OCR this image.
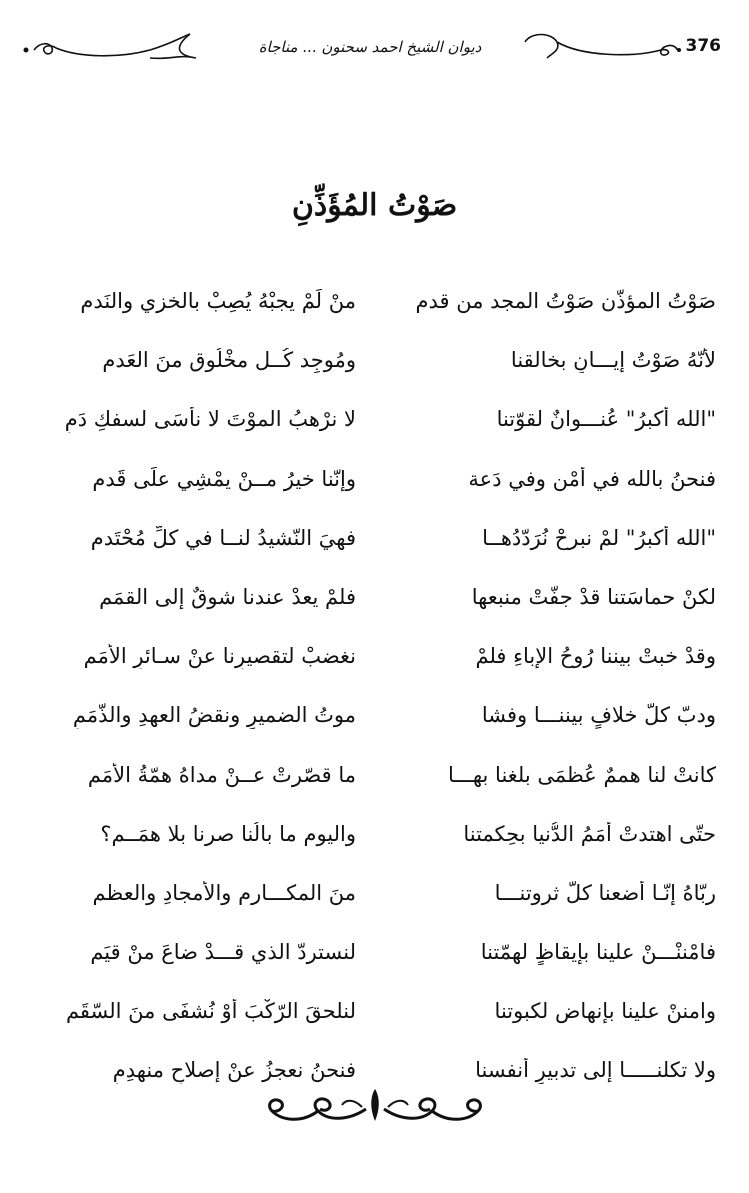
ديوان الشيخ احمد سحنون ... مناجاة	376
صَوْتُ المُؤَذِّنِ
صَوْتُ المؤذّن صَوْتُ المجد من قدم
منْ لَمْ يجبْهُ يُصِبْ بالخزي والنَدمِ
لأنّهُ صَوْتُ إِيـــانٍ بخالقنا
ومُوجِد كُــل مخْلُوق منَ العَدمِ
"الله أكبرُ" عُنـــوانٌ لقوّتنا
لا نرْهبُ الموْتَ لا نأْسَى لسفكِ دَمِ
فنحنُ بالله في أمْنٍ وفي دَعة
وإنّنا خيرُ مــنْ يمْشِي علَى قَدمِ
"الله أكبرُ" لمْ نبرحْ نُرَدّدُهــا
فهِيَ النّشيدُ لنــا في كلِّ مُحْتَدمِ
لكنْ حماسَتنا قدْ جفّتْ منبعها
فلمْ يعدْ عندنا شوقٌ إلى القمَمِ
وقدْ خبتْ بيننا رُوحُ الإباءِ فلمْ
نغضبْ لتقصيرِنا عنْ سـائرِ الأُمَمِ
ودبّ كلّ خلافٍ بيننـــا وفشا
موتُ الضميرِ ونقضُ العهدِ والذّمَمِ
كانتْ لنا هممٌ عُظمَى بلغنا بهـــا
ما قصّرتْ عــنْ مداهُ همّةُ الأُمَمِ
حتّى اهتدتْ أُمَمُ الدُّنيا بحِكمتنا
واليوم ما بالُنا صرنا بلا همَــم؟
ربّاهُ إنّـا أضعنا كلّ ثروتنـــا
منَ المكـــارمِ والأمجادِ والعظمِ
فامْننْـــنْ علينا بإيقاظٍ لهمّتنا
لنستردّ الذي قـــدْ ضاعَ منْ قيَمِ
وامننْ علينا بإنهاضٍ لكبوتنا
لنلحقَ الرّكْبَ أوْ نُشفَى منَ السّقَمِ
ولا تكلنـــــا إلى تدبيرِ أنفسنا
فنحنُ نعجزُ عنْ إصلاحِ منهدِمِ
